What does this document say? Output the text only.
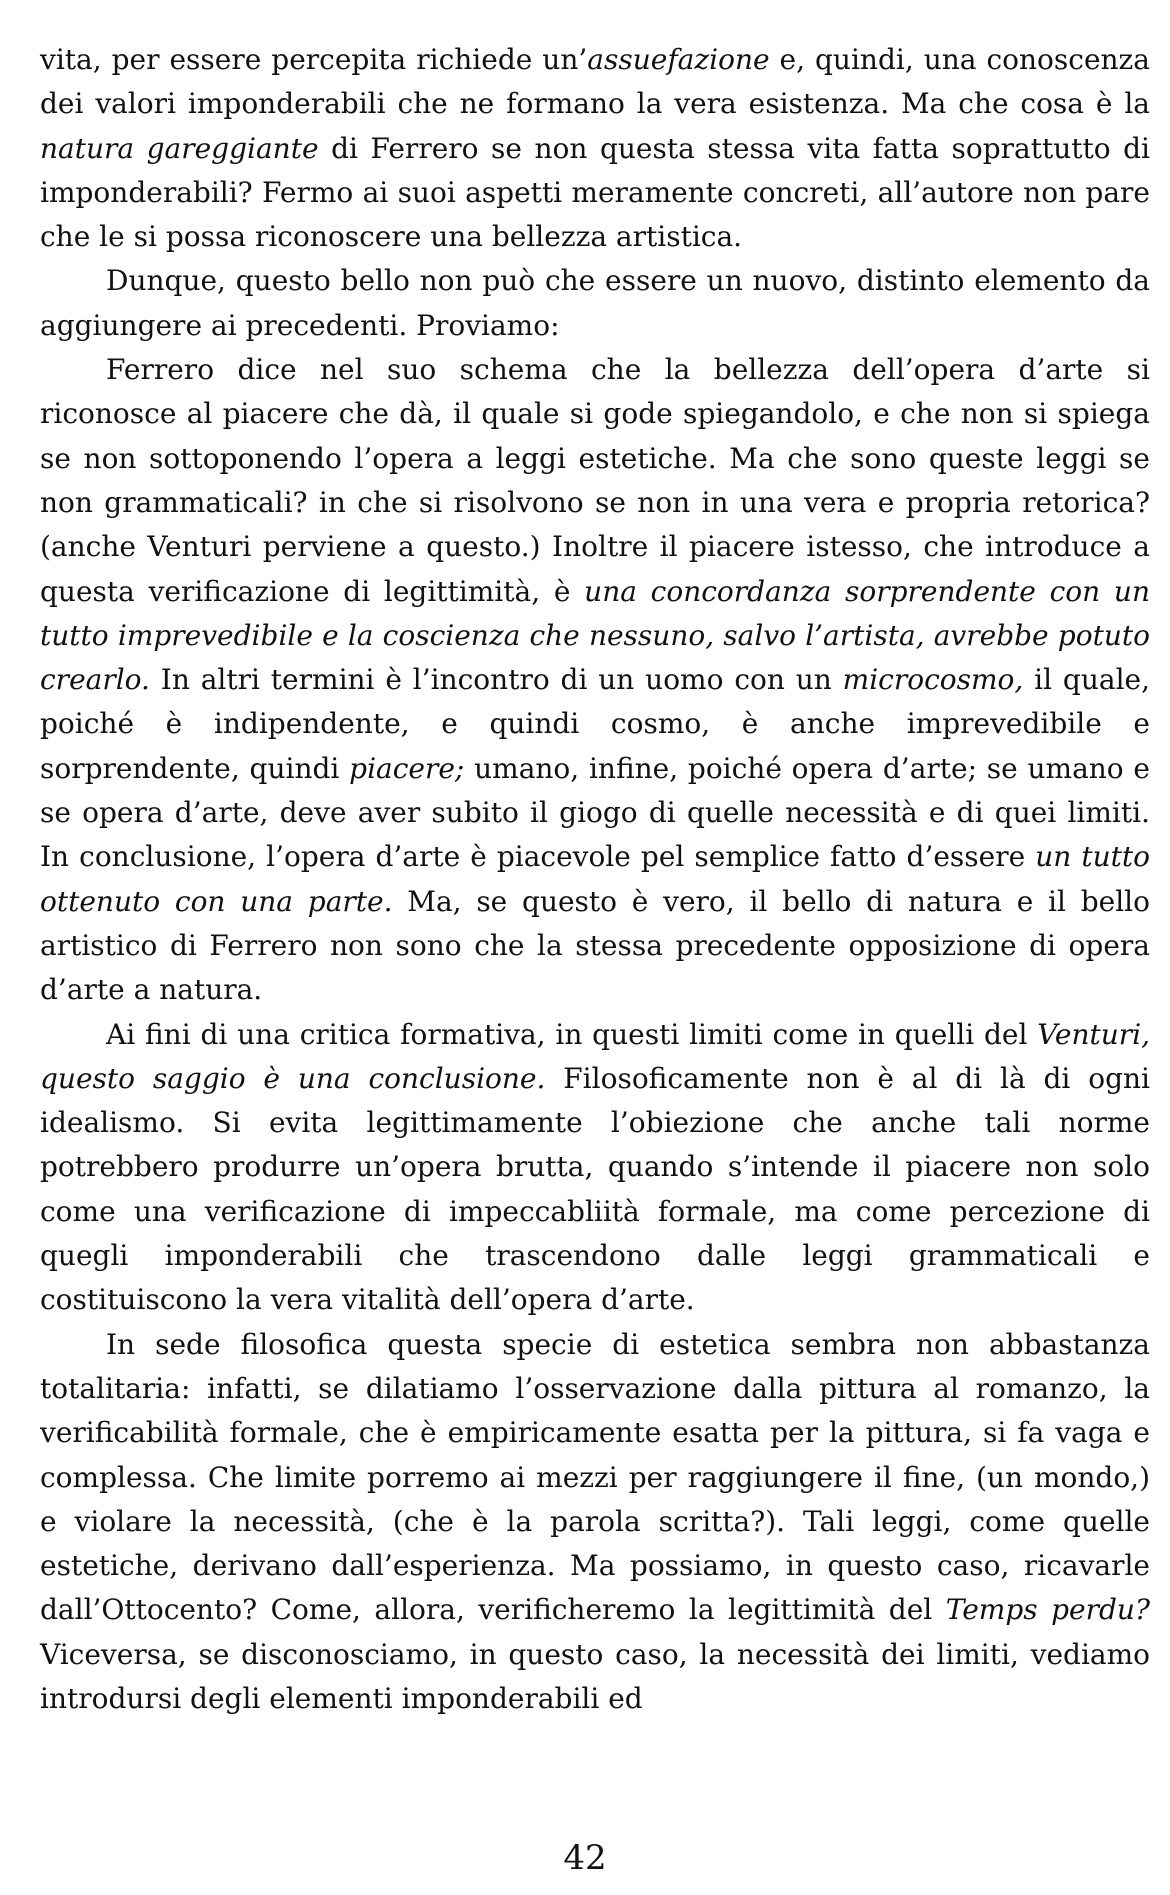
vita, per essere percepita richiede un’assuefazione e, quindi, una conoscenza dei valori imponderabili che ne formano la vera esistenza. Ma che cosa è la natura gareggiante di Ferrero se non questa stessa vita fatta soprattutto di imponderabili? Fermo ai suoi aspetti meramente concreti, all’autore non pare che le si possa riconoscere una bellezza artistica.

Dunque, questo bello non può che essere un nuovo, distinto elemento da aggiungere ai precedenti. Proviamo:

Ferrero dice nel suo schema che la bellezza dell’opera d’arte si riconosce al piacere che dà, il quale si gode spiegandolo, e che non si spiega se non sottoponendo l’opera a leggi estetiche. Ma che sono queste leggi se non grammaticali? in che si risolvono se non in una vera e propria retorica? (anche Venturi perviene a questo.) Inoltre il piacere istesso, che introduce a questa verificazione di legittimità, è una concordanza sorprendente con un tutto imprevedibile e la coscienza che nessuno, salvo l’artista, avrebbe potuto crearlo. In altri termini è l’incontro di un uomo con un microcosmo, il quale, poiché è indipendente, e quindi cosmo, è anche imprevedibile e sorprendente, quindi piacere; umano, infine, poiché opera d’arte; se umano e se opera d’arte, deve aver subito il giogo di quelle necessità e di quei limiti. In conclusione, l’opera d’arte è piacevole pel semplice fatto d’essere un tutto ottenuto con una parte. Ma, se questo è vero, il bello di natura e il bello artistico di Ferrero non sono che la stessa precedente opposizione di opera d’arte a natura.

Ai fini di una critica formativa, in questi limiti come in quelli del Venturi, questo saggio è una conclusione. Filosoficamente non è al di là di ogni idealismo. Si evita legittimamente l’obiezione che anche tali norme potrebbero produrre un’opera brutta, quando s’intende il piacere non solo come una verificazione di impeccabliità formale, ma come percezione di quegli imponderabili che trascendono dalle leggi grammaticali e costituiscono la vera vitalità dell’opera d’arte.

In sede filosofica questa specie di estetica sembra non abbastanza totalitaria: infatti, se dilatiamo l’osservazione dalla pittura al romanzo, la verificabilità formale, che è empiricamente esatta per la pittura, si fa vaga e complessa. Che limite porremo ai mezzi per raggiungere il fine, (un mondo,) e violare la necessità, (che è la parola scritta?). Tali leggi, come quelle estetiche, derivano dall’esperienza. Ma possiamo, in questo caso, ricavarle dall’Ottocento? Come, allora, verificheremo la legittimità del Temps perdu? Viceversa, se disconosciamo, in questo caso, la necessità dei limiti, vediamo introdursi degli elementi imponderabili ed

42
